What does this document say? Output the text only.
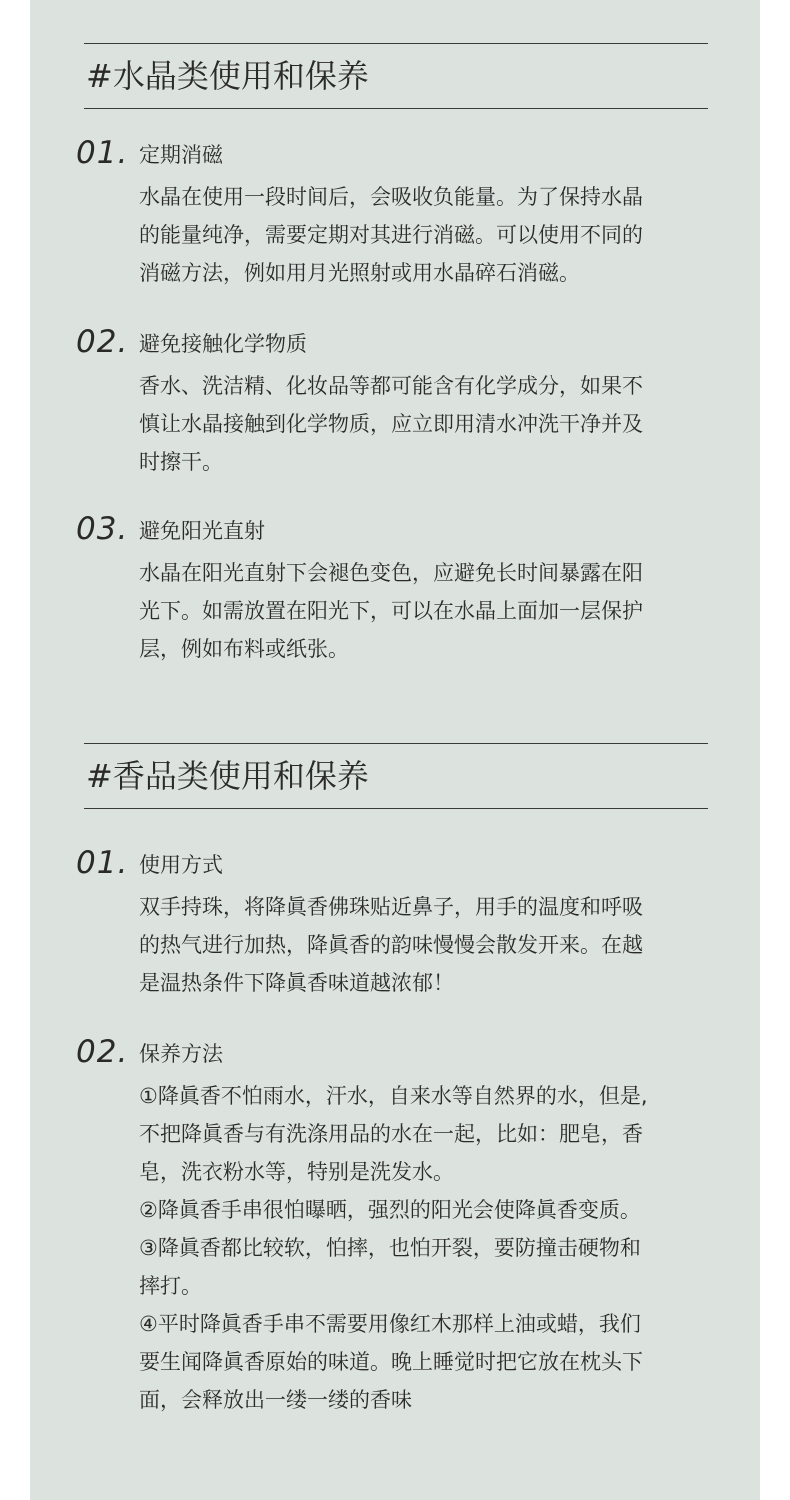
#水晶类使用和保养
01. 定期消磁
水晶在使用一段时间后，会吸收负能量。为了保持水晶
的能量纯净，需要定期对其进行消磁。可以使用不同的
消磁方法，例如用月光照射或用水晶碎石消磁。
02. 避免接触化学物质
香水、洗洁精、化妆品等都可能含有化学成分，如果不
慎让水晶接触到化学物质，应立即用清水冲洗干净并及
时擦干。
03. 避免阳光直射
水晶在阳光直射下会褪色变色，应避免长时间暴露在阳
光下。如需放置在阳光下，可以在水晶上面加一层保护
层，例如布料或纸张。
#香品类使用和保养
01. 使用方式
双手持珠，将降眞香佛珠贴近鼻子，用手的温度和呼吸
的热气进行加热，降眞香的韵味慢慢会散发开来。在越
是温热条件下降眞香味道越浓郁！
02. 保养方法
①降眞香不怕雨水，汗水，自来水等自然界的水，但是,
不把降眞香与有洗涤用品的水在一起，比如：肥皂，香
皂，洗衣粉水等，特别是洗发水。
②降眞香手串很怕曝晒，强烈的阳光会使降眞香变质。
③降眞香都比较软，怕摔，也怕开裂，要防撞击硬物和
摔打。
④平时降眞香手串不需要用像红木那样上油或蜡，我们
要生闻降眞香原始的味道。晚上睡觉时把它放在枕头下
面，会释放出一缕一缕的香味
